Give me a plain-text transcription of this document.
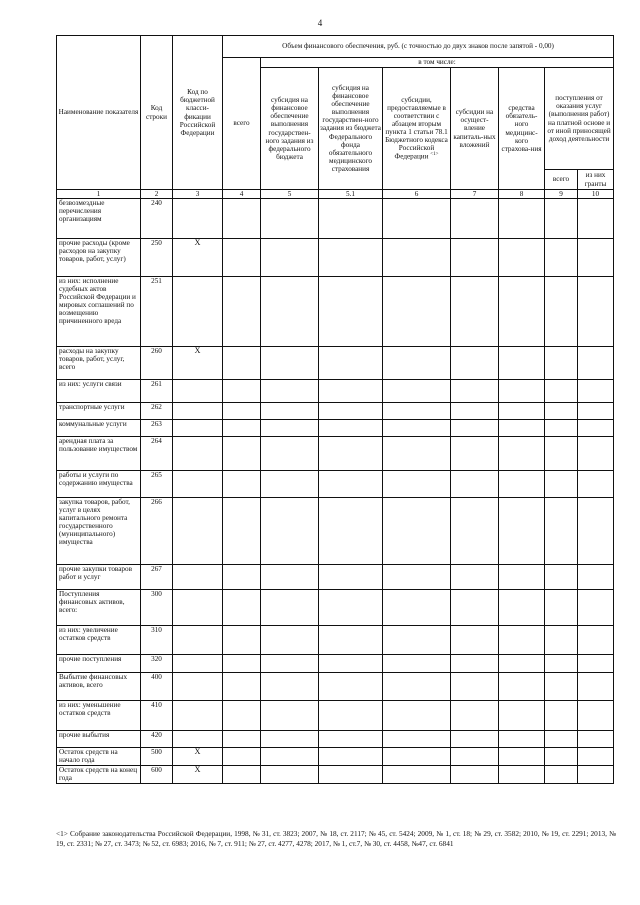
4
Наименование показателя	Код строки	Код по бюджетной класси-фикации Российской Федерации	Объем финансового обеспечения, руб. (с точностью до двух знаков после запятой - 0,00)							
			всего	в том числе:						
				субсидия на финансовое обеспечение выполнения государствен-ного задания из федерального бюджета	субсидия на финансовое обеспечение выполнения государствен-ного задания из бюджета Федерального фонда обязательного медицинского страхования	субсидии, предоставляемые в соответствии с абзацем вторым пункта 1 статьи 78.1 Бюджетного кодекса Российской Федерации $^{<1>}$	субсидии на осущест-вление капиталь-ных вложений	средства обязатель-ного медицинс-кого страхова-ния	поступления от оказания услуг (выполнения работ) на платной основе и от иной приносящей доход деятельности	
									всего	из них гранты
1	2	3	4	5	5.1	6	7	8	9	10
безвозмездные перечисления организациям	240									
прочие расходы (кроме расходов на закупку товаров, работ, услуг)	250	X								
из них: исполнение судебных актов Российской Федерации и мировых соглашений по возмещению причиненного вреда	251									
расходы на закупку товаров, работ, услуг, всего	260	X								
из них: услуги связи	261									
транспортные услуги	262									
коммунальные услуги	263									
арендная плата за пользование имуществом	264									
работы и услуги по содержанию имущества	265									
закупка товаров, работ, услуг в целях капитального ремонта государственного (муниципального) имущества	266									
прочие закупки товаров работ и услуг	267									
Поступления финансовых активов, всего:	300									
из них: увеличение остатков средств	310									
прочие поступления	320									
Выбытие финансовых активов, всего	400									
из них: уменьшение остатков средств	410									
прочие выбытия	420									
Остаток средств на начало года	500	X								
Остаток средств на конец года	600	X								
<1> Собрание законодательства Российской Федерации, 1998, № 31, ст. 3823; 2007, № 18, ст. 2117; № 45, ст. 5424; 2009, № 1, ст. 18; № 29, ст. 3582; 2010, № 19, ст. 2291; 2013, № 19, ст. 2331; № 27, ст. 3473; № 52, ст. 6983; 2016, № 7, ст. 911; № 27, ст. 4277, 4278; 2017, № 1, ст.7, № 30, ст. 4458, №47, ст. 6841
